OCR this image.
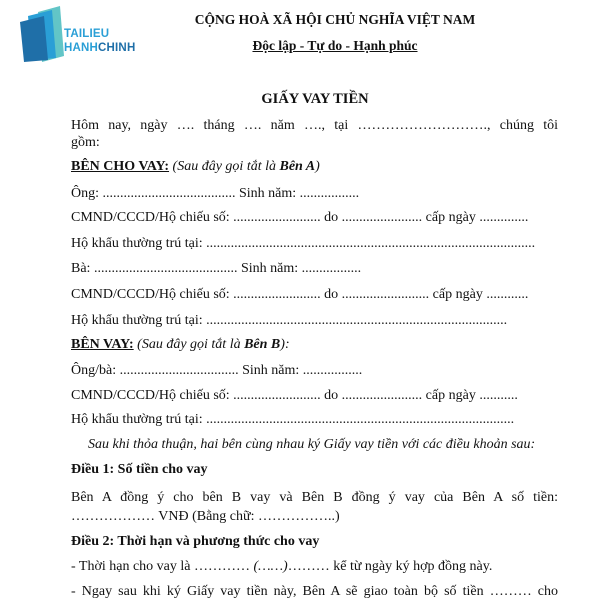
TAILIEU
HANHCHINH
CỘNG HOÀ XÃ HỘI CHỦ NGHĨA VIỆT NAM
Độc lập - Tự do - Hạnh phúc
GIẤY VAY TIỀN
Hôm nay, ngày …. tháng …. năm …., tại ………………………., chúng tôi
gồm:
BÊN CHO VAY: (Sau đây gọi tắt là Bên A)
Ông: ...................................... Sinh năm: .................
CMND/CCCD/Hộ chiếu số: ......................... do ....................... cấp ngày ..............
Hộ khẩu thường trú tại: ..............................................................................................
Bà: ......................................... Sinh năm: .................
CMND/CCCD/Hộ chiếu số: ......................... do ......................... cấp ngày ............
Hộ khẩu thường trú tại: ......................................................................................
BÊN VAY: (Sau đây gọi tắt là Bên B):
Ông/bà: .................................. Sinh năm: .................
CMND/CCCD/Hộ chiếu số: ......................... do ....................... cấp ngày ...........
Hộ khẩu thường trú tại: ........................................................................................
Sau khi thỏa thuận, hai bên cùng nhau ký Giấy vay tiền với các điều khoản sau:
Điều 1: Số tiền cho vay
Bên A đồng ý cho bên B vay và Bên B đồng ý vay của Bên A số tiền:
……………… VNĐ (Bằng chữ: ……………..)
Điều 2: Thời hạn và phương thức cho vay
- Thời hạn cho vay là ………… (……)……… kể từ ngày ký hợp đồng này.
- Ngay sau khi ký Giấy vay tiền này, Bên A sẽ giao toàn bộ số tiền ……… cho
